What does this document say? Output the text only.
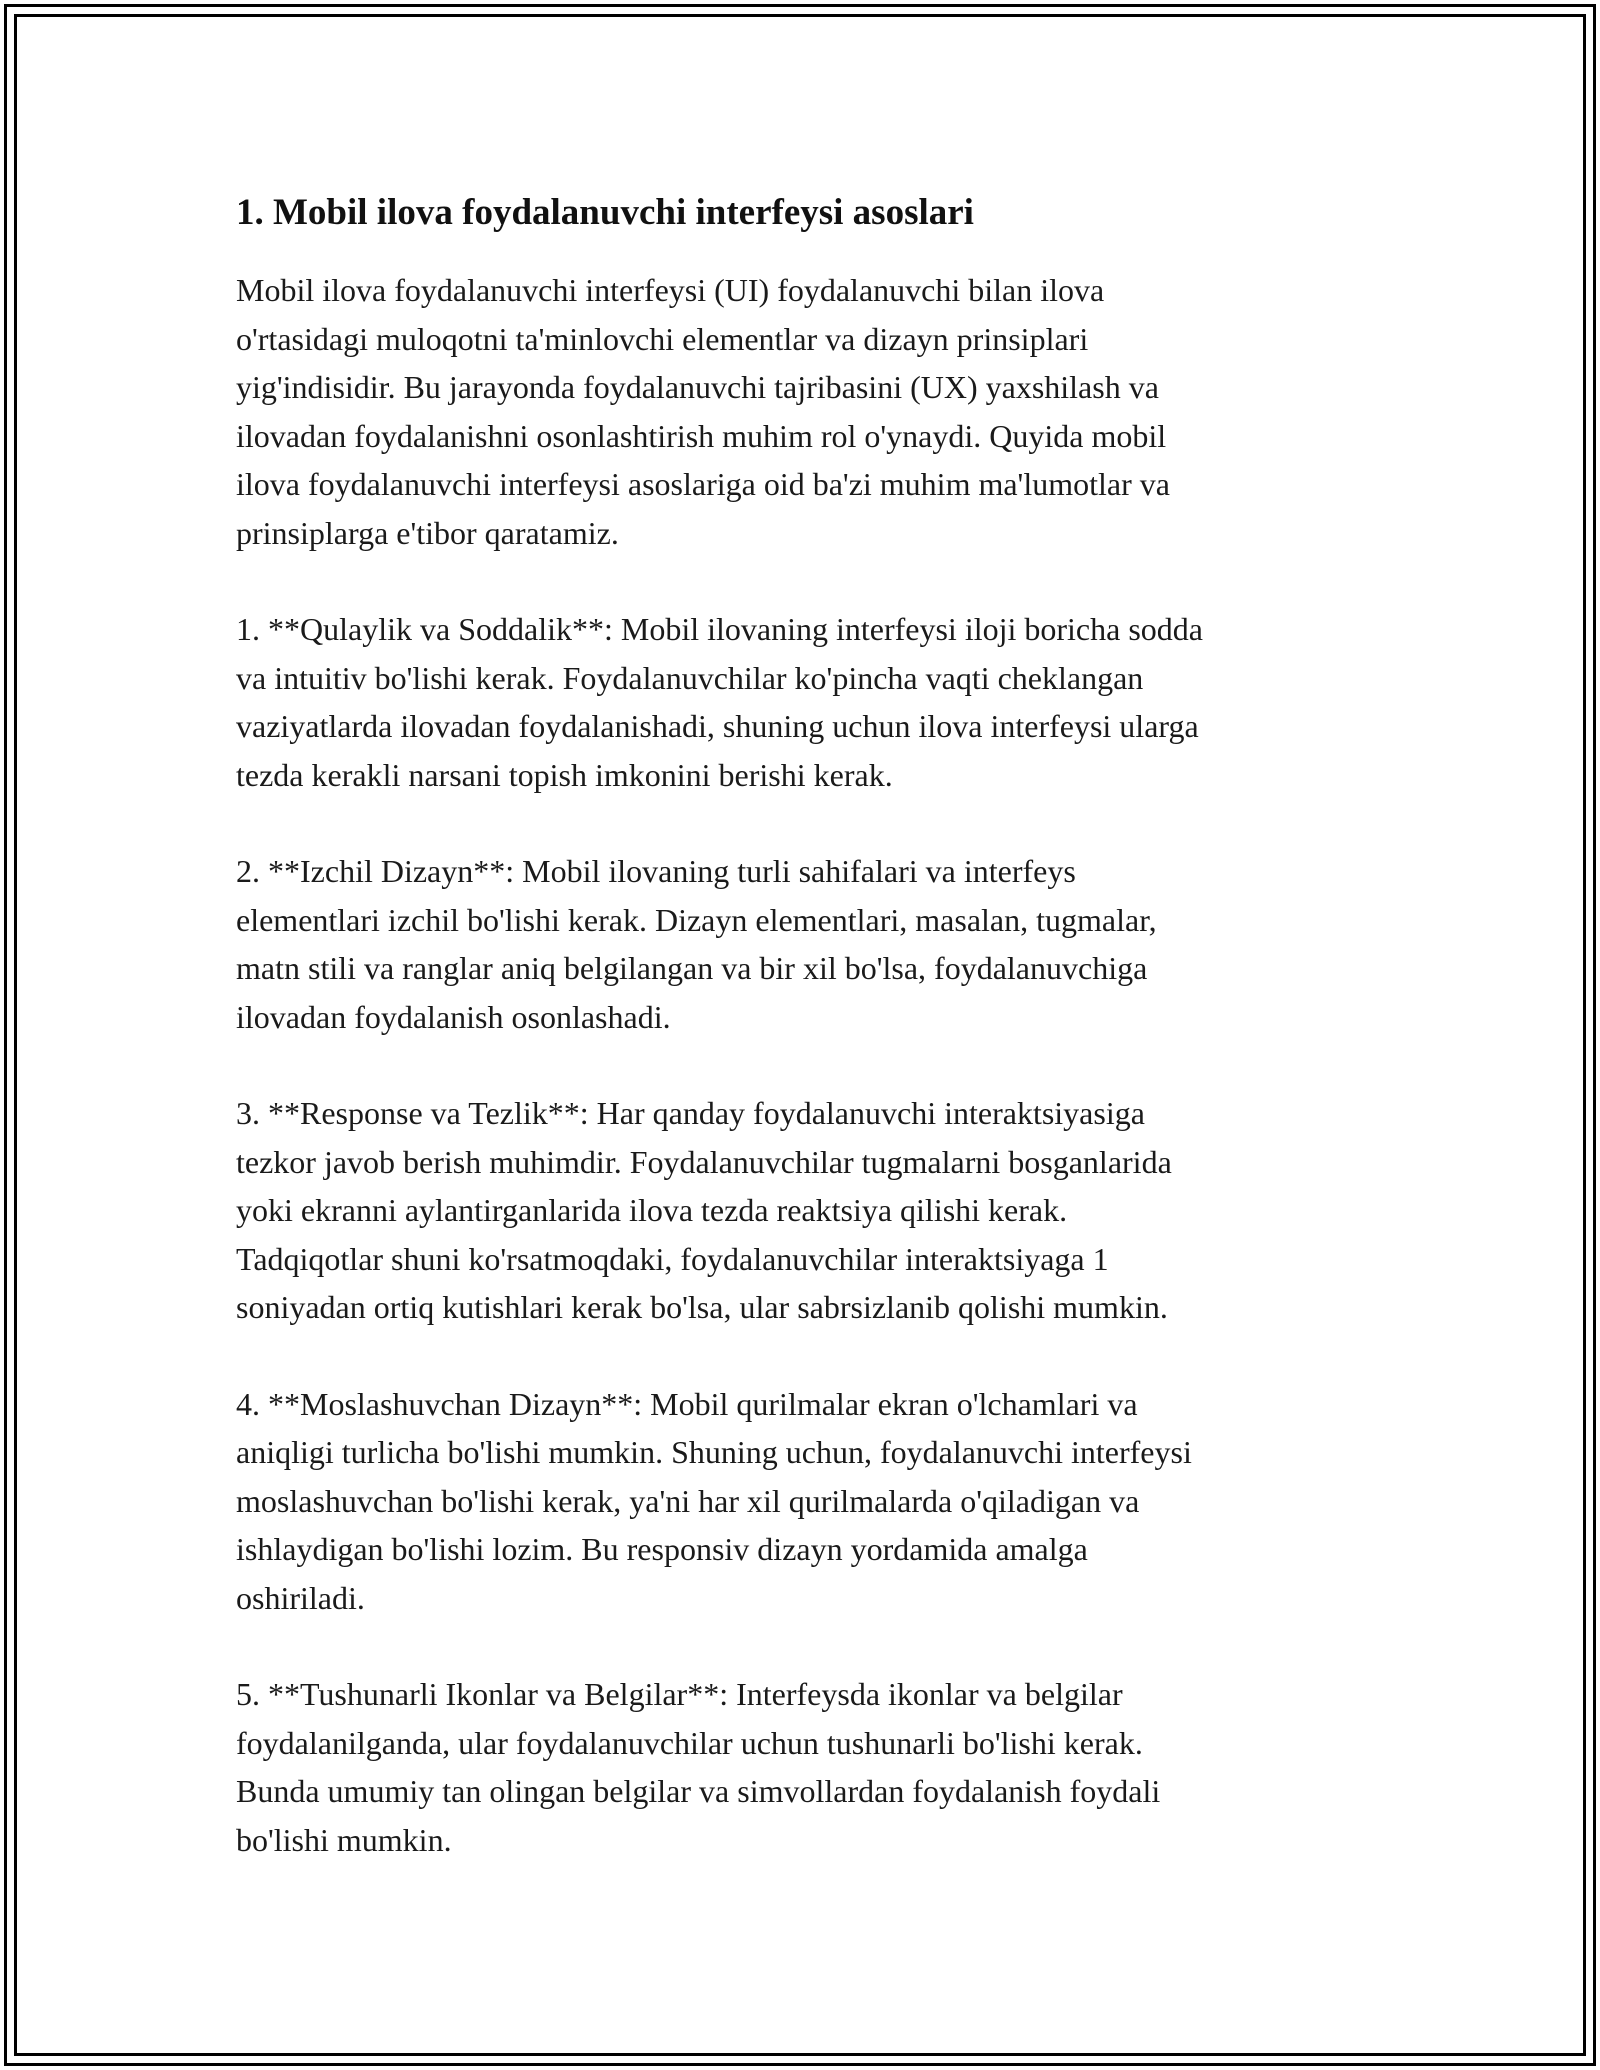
1. Mobil ilova foydalanuvchi interfeysi asoslari

Mobil ilova foydalanuvchi interfeysi (UI) foydalanuvchi bilan ilova
o'rtasidagi muloqotni ta'minlovchi elementlar va dizayn prinsiplari
yig'indisidir. Bu jarayonda foydalanuvchi tajribasini (UX) yaxshilash va
ilovadan foydalanishni osonlashtirish muhim rol o'ynaydi. Quyida mobil
ilova foydalanuvchi interfeysi asoslariga oid ba'zi muhim ma'lumotlar va
prinsiplarga e'tibor qaratamiz.

1. **Qulaylik va Soddalik**: Mobil ilovaning interfeysi iloji boricha sodda
va intuitiv bo'lishi kerak. Foydalanuvchilar ko'pincha vaqti cheklangan
vaziyatlarda ilovadan foydalanishadi, shuning uchun ilova interfeysi ularga
tezda kerakli narsani topish imkonini berishi kerak.

2. **Izchil Dizayn**: Mobil ilovaning turli sahifalari va interfeys
elementlari izchil bo'lishi kerak. Dizayn elementlari, masalan, tugmalar,
matn stili va ranglar aniq belgilangan va bir xil bo'lsa, foydalanuvchiga
ilovadan foydalanish osonlashadi.

3. **Response va Tezlik**: Har qanday foydalanuvchi interaktsiyasiga
tezkor javob berish muhimdir. Foydalanuvchilar tugmalarni bosganlarida
yoki ekranni aylantirganlarida ilova tezda reaktsiya qilishi kerak.
Tadqiqotlar shuni ko'rsatmoqdaki, foydalanuvchilar interaktsiyaga 1
soniyadan ortiq kutishlari kerak bo'lsa, ular sabrsizlanib qolishi mumkin.

4. **Moslashuvchan Dizayn**: Mobil qurilmalar ekran o'lchamlari va
aniqligi turlicha bo'lishi mumkin. Shuning uchun, foydalanuvchi interfeysi
moslashuvchan bo'lishi kerak, ya'ni har xil qurilmalarda o'qiladigan va
ishlaydigan bo'lishi lozim. Bu responsiv dizayn yordamida amalga
oshiriladi.

5. **Tushunarli Ikonlar va Belgilar**: Interfeysda ikonlar va belgilar
foydalanilganda, ular foydalanuvchilar uchun tushunarli bo'lishi kerak.
Bunda umumiy tan olingan belgilar va simvollardan foydalanish foydali
bo'lishi mumkin.
